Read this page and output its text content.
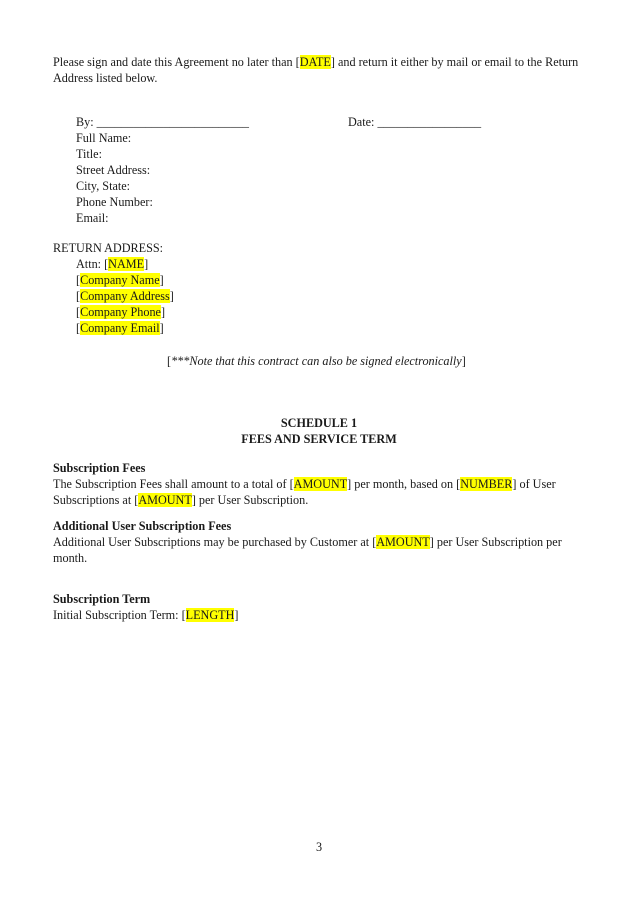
Please sign and date this Agreement no later than [DATE] and return it either by mail or email to the Return
Address listed below.
By: _________________________	Date: _________________
Full Name:
Title:
Street Address:
City, State:
Phone Number:
Email:
RETURN ADDRESS:
Attn: [NAME]
[Company Name]
[Company Address]
[Company Phone]
[Company Email]
[***Note that this contract can also be signed electronically]
SCHEDULE 1
FEES AND SERVICE TERM
Subscription Fees
The Subscription Fees shall amount to a total of [AMOUNT] per month, based on [NUMBER] of User
Subscriptions at [AMOUNT] per User Subscription.
Additional User Subscription Fees
Additional User Subscriptions may be purchased by Customer at [AMOUNT] per User Subscription per
month.
Subscription Term
Initial Subscription Term: [LENGTH]
3
